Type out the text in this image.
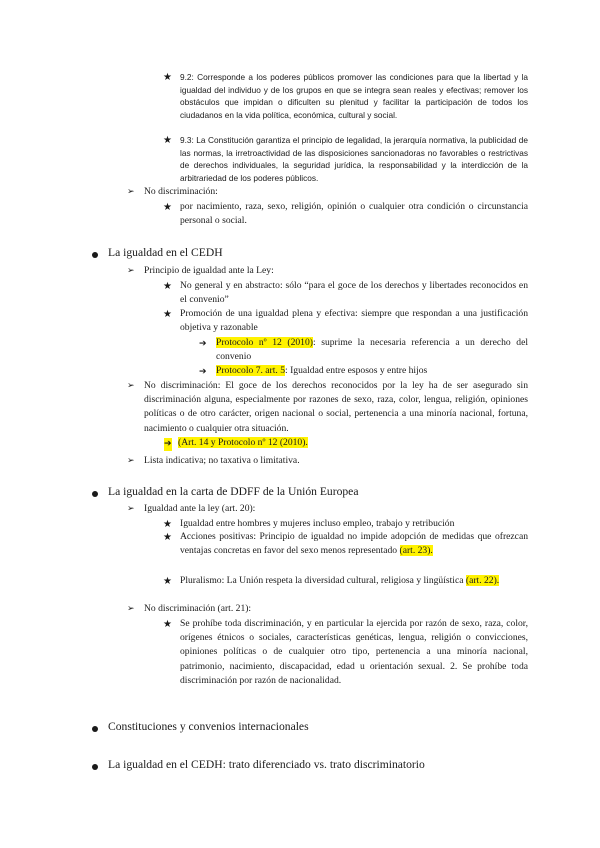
★ 9.2: Corresponde a los poderes públicos promover las condiciones para que la libertad y la igualdad del individuo y de los grupos en que se integra sean reales y efectivas; remover los obstáculos que impidan o dificulten su plenitud y facilitar la participación de todos los ciudadanos en la vida política, económica, cultural y social.
★ 9.3: La Constitución garantiza el principio de legalidad, la jerarquía normativa, la publicidad de las normas, la irretroactividad de las disposiciones sancionadoras no favorables o restrictivas de derechos individuales, la seguridad jurídica, la responsabilidad y la interdicción de la arbitrariedad de los poderes públicos.
➢ No discriminación:
★ por nacimiento, raza, sexo, religión, opinión o cualquier otra condición o circunstancia personal o social.
La igualdad en el CEDH
➢ Principio de igualdad ante la Ley:
★ No general y en abstracto: sólo “para el goce de los derechos y libertades reconocidos en el convenio”
★ Promoción de una igualdad plena y efectiva: siempre que respondan a una justificación objetiva y razonable
➔ Protocolo nº 12 (2010): suprime la necesaria referencia a un derecho del convenio
➔ Protocolo 7. art. 5: Igualdad entre esposos y entre hijos
➢ No discriminación: El goce de los derechos reconocidos por la ley ha de ser asegurado sin discriminación alguna, especialmente por razones de sexo, raza, color, lengua, religión, opiniones políticas o de otro carácter, origen nacional o social, pertenencia a una minoría nacional, fortuna, nacimiento o cualquier otra situación.
➔ (Art. 14 y Protocolo nº 12 (2010).
➢ Lista indicativa; no taxativa o limitativa.
La igualdad en la carta de DDFF de la Unión Europea
➢ Igualdad ante la ley (art. 20):
★ Igualdad entre hombres y mujeres incluso empleo, trabajo y retribución
★ Acciones positivas: Principio de igualdad no impide adopción de medidas que ofrezcan ventajas concretas en favor del sexo menos representado (art. 23).
★ Pluralismo: La Unión respeta la diversidad cultural, religiosa y lingüística (art. 22).
➢ No discriminación (art. 21):
★ Se prohíbe toda discriminación, y en particular la ejercida por razón de sexo, raza, color, orígenes étnicos o sociales, características genéticas, lengua, religión o convicciones, opiniones políticas o de cualquier otro tipo, pertenencia a una minoría nacional, patrimonio, nacimiento, discapacidad, edad u orientación sexual. 2. Se prohíbe toda discriminación por razón de nacionalidad.
Constituciones y convenios internacionales
La igualdad en el CEDH: trato diferenciado vs. trato discriminatorio
